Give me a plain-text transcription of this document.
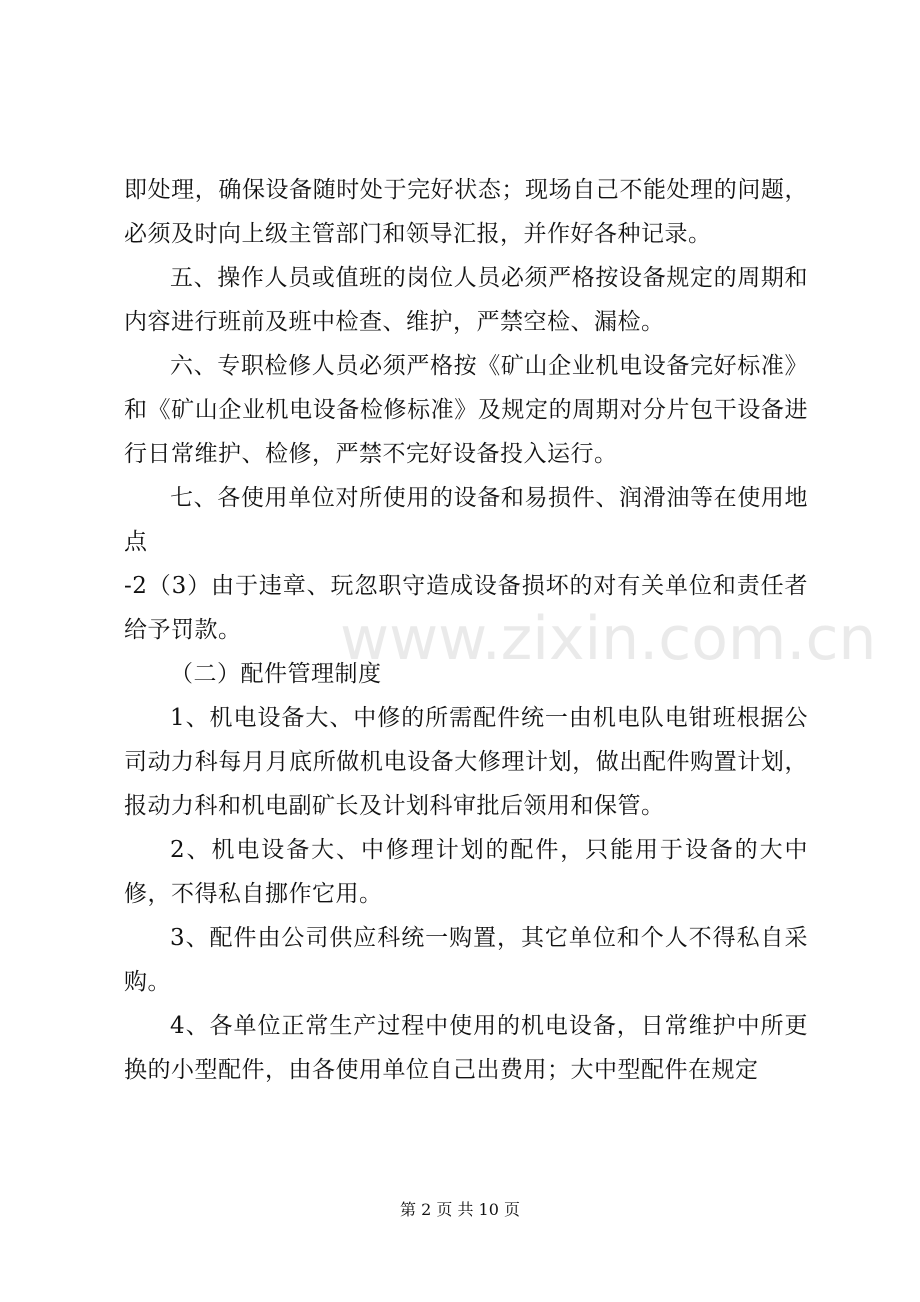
即处理，确保设备随时处于完好状态；现场自己不能处理的问题，必须及时向上级主管部门和领导汇报，并作好各种记录。

五、操作人员或值班的岗位人员必须严格按设备规定的周期和内容进行班前及班中检查、维护，严禁空检、漏检。

六、专职检修人员必须严格按《矿山企业机电设备完好标准》和《矿山企业机电设备检修标准》及规定的周期对分片包干设备进行日常维护、检修，严禁不完好设备投入运行。

七、各使用单位对所使用的设备和易损件、润滑油等在使用地点

-2（3）由于违章、玩忽职守造成设备损坏的对有关单位和责任者给予罚款。

（二）配件管理制度

1、机电设备大、中修的所需配件统一由机电队电钳班根据公司动力科每月月底所做机电设备大修理计划，做出配件购置计划，报动力科和机电副矿长及计划科审批后领用和保管。

2、机电设备大、中修理计划的配件，只能用于设备的大中修，不得私自挪作它用。

3、配件由公司供应科统一购置，其它单位和个人不得私自采购。

4、各单位正常生产过程中使用的机电设备，日常维护中所更换的小型配件，由各使用单位自己出费用；大中型配件在规定

www.zixin.com.cn
第 2 页 共 10 页
